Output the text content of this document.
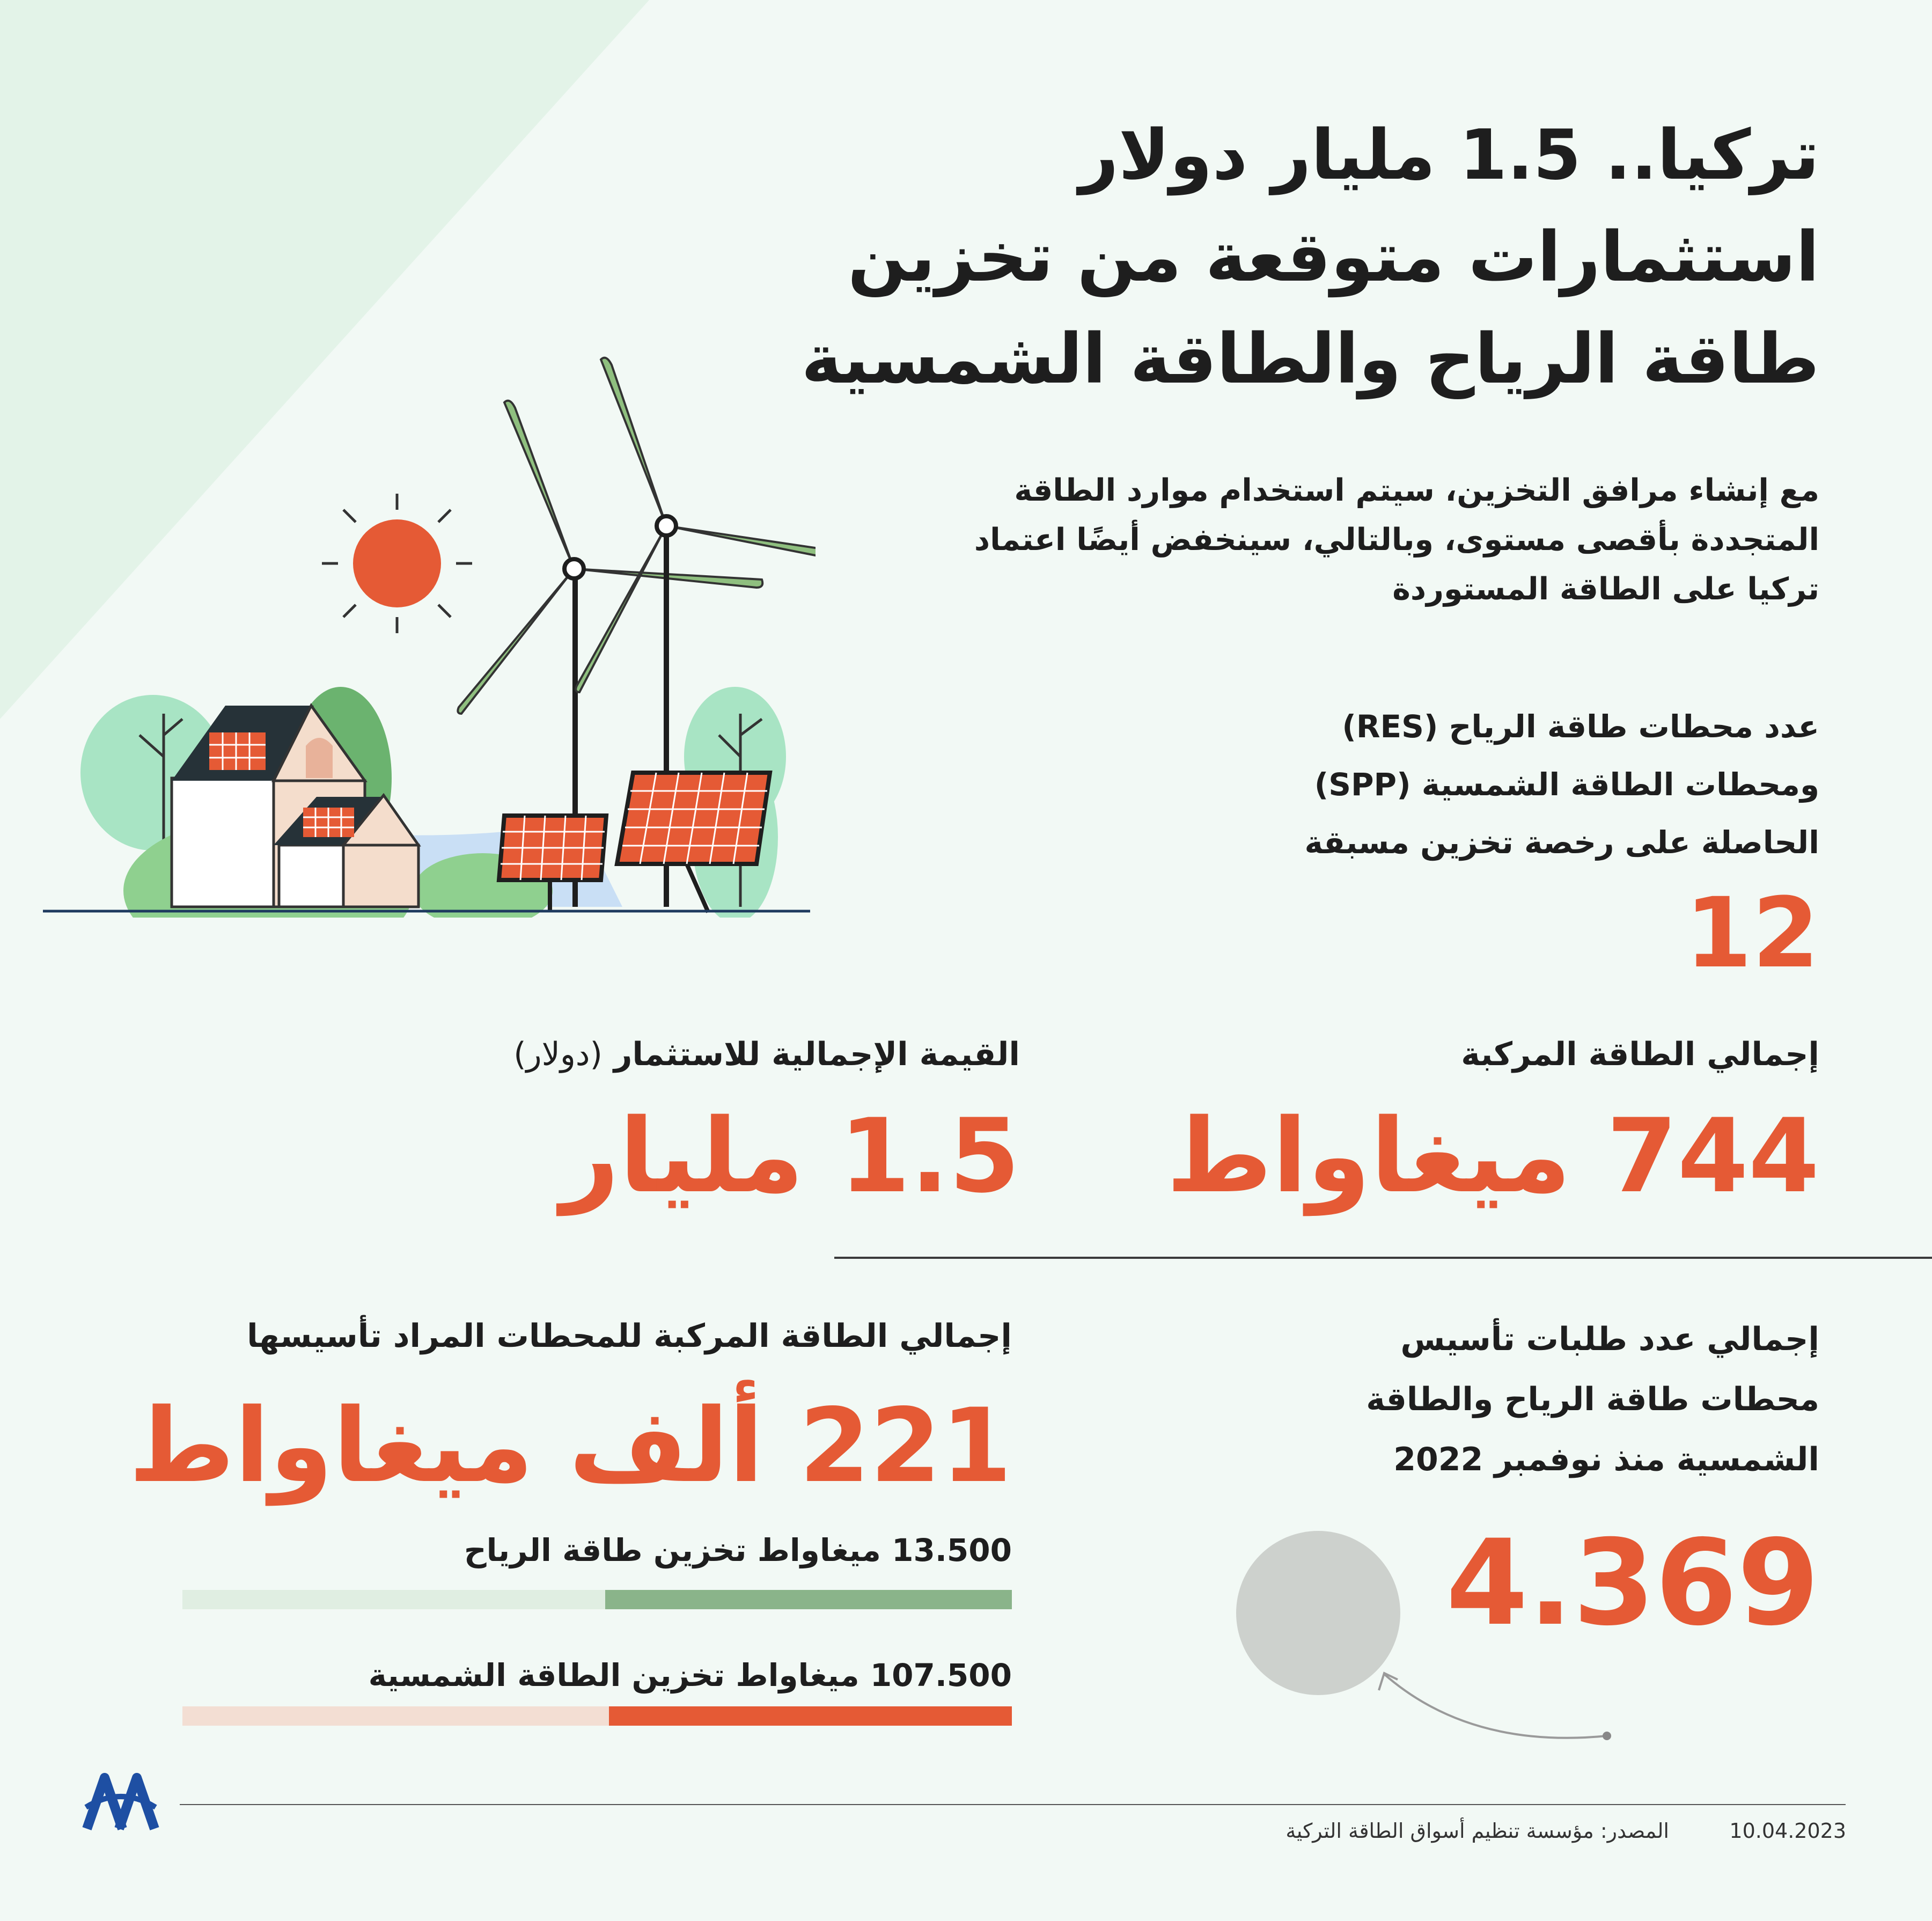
تركيا.. 1.5 مليار دولار
استثمارات متوقعة من تخزين
طاقة الرياح والطاقة الشمسية
مع إنشاء مرافق التخزين، سيتم استخدام موارد الطاقة
المتجددة بأقصى مستوى، وبالتالي، سينخفض أيضًا اعتماد
تركيا على الطاقة المستوردة
عدد محطات طاقة الرياح (RES)
ومحطات الطاقة الشمسية (SPP)
الحاصلة على رخصة تخزين مسبقة
12
إجمالي الطاقة المركبة
744 ميغاواط
القيمة الإجمالية للاستثمار (دولار)
1.5 مليار
إجمالي الطاقة المركبة للمحطات المراد تأسيسها
221 ألف ميغاواط
13.500 ميغاواط تخزين طاقة الرياح
107.500 ميغاواط تخزين الطاقة الشمسية
إجمالي عدد طلبات تأسيس
محطات طاقة الرياح والطاقة
الشمسية منذ نوفمبر 2022
4.369
AA
المصدر: مؤسسة تنظيم أسواق الطاقة التركية	10.04.2023
